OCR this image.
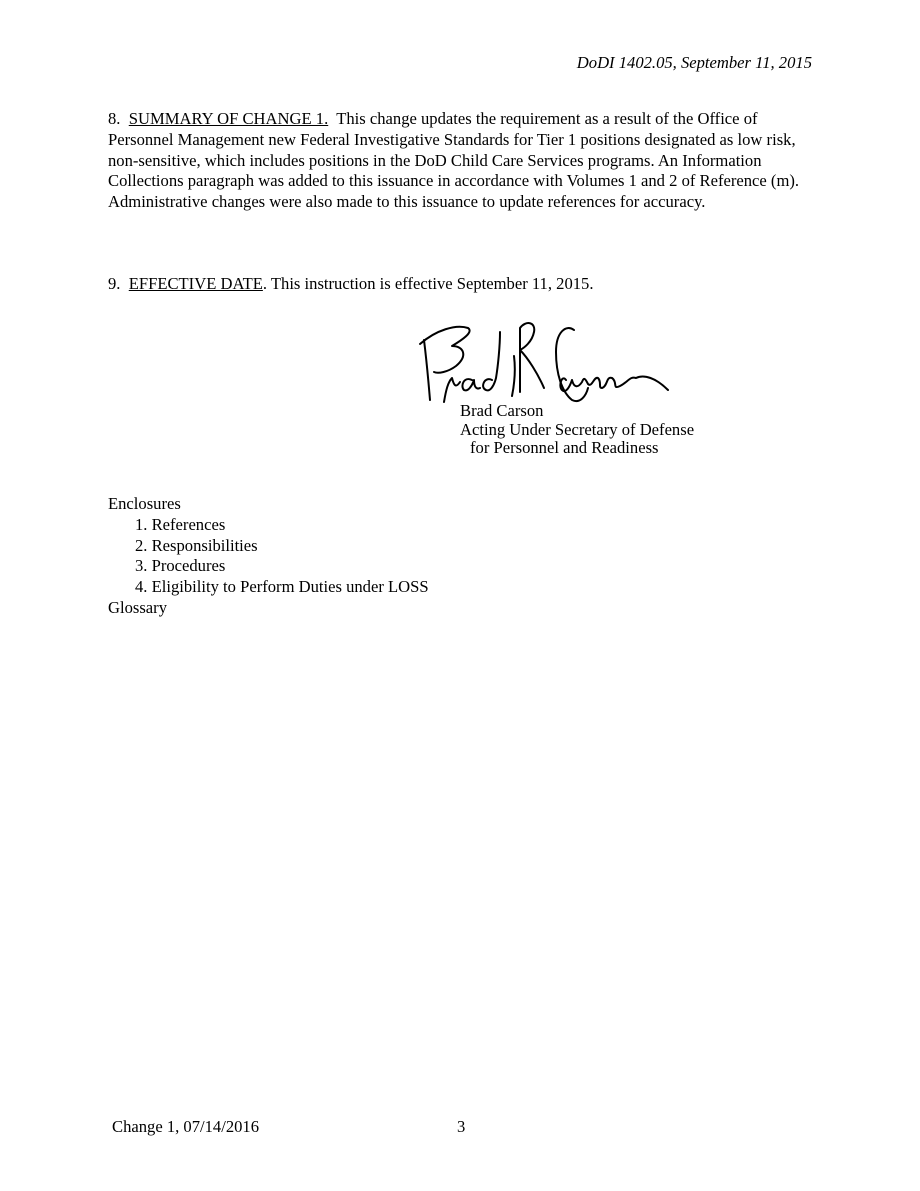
DoDI 1402.05, September 11, 2015
8. SUMMARY OF CHANGE 1. This change updates the requirement as a result of the Office of Personnel Management new Federal Investigative Standards for Tier 1 positions designated as low risk, non-sensitive, which includes positions in the DoD Child Care Services programs. An Information Collections paragraph was added to this issuance in accordance with Volumes 1 and 2 of Reference (m). Administrative changes were also made to this issuance to update references for accuracy.
9. EFFECTIVE DATE. This instruction is effective September 11, 2015.
Brad Carson
Acting Under Secretary of Defense
for Personnel and Readiness
Enclosures
1. References
2. Responsibilities
3. Procedures
4. Eligibility to Perform Duties under LOSS
Glossary
Change 1, 07/14/2016	3
